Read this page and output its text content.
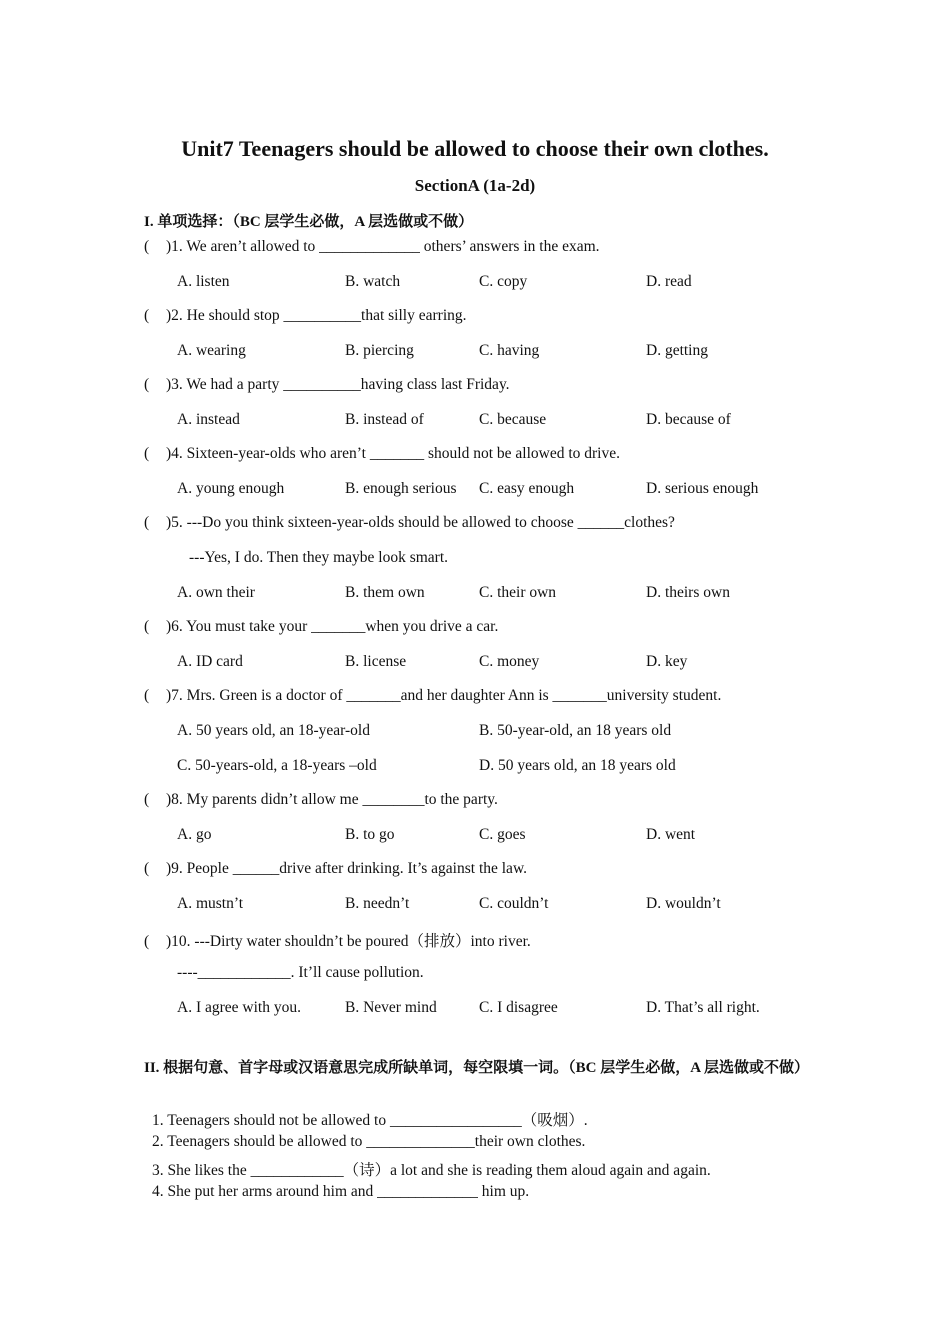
Unit7 Teenagers should be allowed to choose their own clothes.
SectionA (1a-2d)
I. 单项选择：（BC 层学生必做，A 层选做或不做）
( )1. We aren’t allowed to _____________ others’ answers in the exam.
A. listen	B. watch	C. copy	D. read
( )2. He should stop __________that silly earring.
A. wearing	B. piercing	C. having	D. getting
( )3. We had a party __________having class last Friday.
A. instead	B. instead of	C. because	D. because of
( )4. Sixteen-year-olds who aren’t _______ should not be allowed to drive.
A. young enough	B. enough serious C. easy enough	D. serious enough
( )5. ---Do you think sixteen-year-olds should be allowed to choose ______clothes?
---Yes, I do. Then they maybe look smart.
A. own their	B. them own	C. their own	D. theirs own
( )6. You must take your _______when you drive a car.
A. ID card	B. license	C. money	D. key
( )7. Mrs. Green is a doctor of _______and her daughter Ann is _______university student.
A. 50 years old, an 18-year-old	B. 50-year-old, an 18 years old
C. 50-years-old, a 18-years –old	D. 50 years old, an 18 years old
( )8. My parents didn’t allow me ________to the party.
A. go	B. to go	C. goes	D. went
( )9. People ______drive after drinking. It’s against the law.
A. mustn’t	B. needn’t	C. couldn’t	D. wouldn’t
( )10. ---Dirty water shouldn’t be poured（排放）into river.
----____________. It’ll cause pollution.
A. I agree with you.	B. Never mind	C. I disagree	D. That’s all right.
II. 根据句意、首字母或汉语意思完成所缺单词，每空限填一词。（BC 层学生必做，A 层选做或不做）
1. Teenagers should not be allowed to _________________（吸烟）.
2. Teenagers should be allowed to ______________their own clothes.
3. She likes the ____________（诗）a lot and she is reading them aloud again and again.
4. She put her arms around him and _____________ him up.
